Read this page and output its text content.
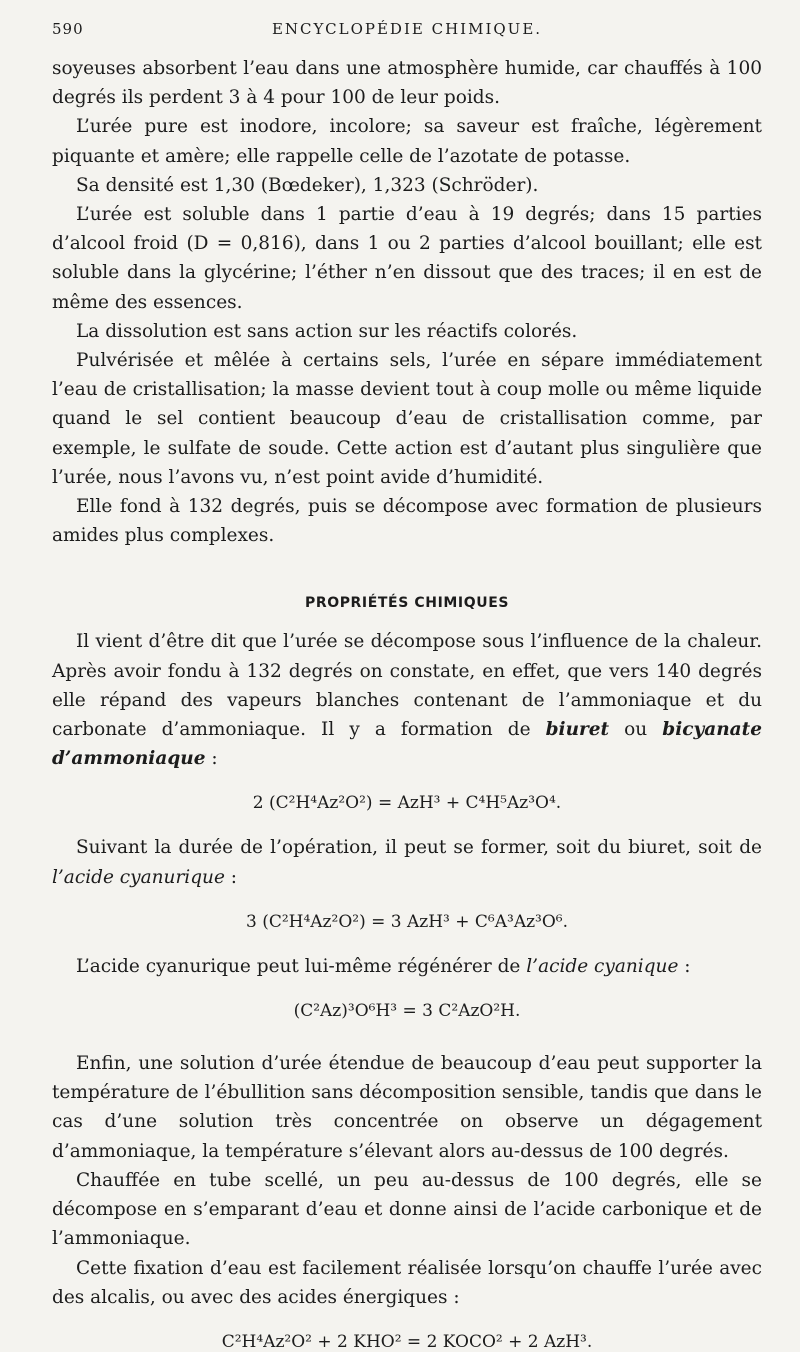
590	ENCYCLOPÉDIE CHIMIQUE.

soyeuses absorbent l’eau dans une atmosphère humide, car chauffés à 100 degrés ils perdent 3 à 4 pour 100 de leur poids.

L’urée pure est inodore, incolore; sa saveur est fraîche, légèrement piquante et amère; elle rappelle celle de l’azotate de potasse.

Sa densité est 1,30 (Bœdeker), 1,323 (Schröder).

L’urée est soluble dans 1 partie d’eau à 19 degrés; dans 15 parties d’alcool froid (D = 0,816), dans 1 ou 2 parties d’alcool bouillant; elle est soluble dans la glycérine; l’éther n’en dissout que des traces; il en est de même des essences.

La dissolution est sans action sur les réactifs colorés.

Pulvérisée et mêlée à certains sels, l’urée en sépare immédiatement l’eau de cristallisation; la masse devient tout à coup molle ou même liquide quand le sel contient beaucoup d’eau de cristallisation comme, par exemple, le sulfate de soude. Cette action est d’autant plus singulière que l’urée, nous l’avons vu, n’est point avide d’humidité.

Elle fond à 132 degrés, puis se décompose avec formation de plusieurs amides plus complexes.

PROPRIÉTÉS CHIMIQUES

Il vient d’être dit que l’urée se décompose sous l’influence de la chaleur. Après avoir fondu à 132 degrés on constate, en effet, que vers 140 degrés elle répand des vapeurs blanches contenant de l’ammoniaque et du carbonate d’ammoniaque. Il y a formation de biuret ou bicyanate d’ammoniaque :

2 (C²H⁴Az²O²) = AzH³ + C⁴H⁵Az³O⁴.

Suivant la durée de l’opération, il peut se former, soit du biuret, soit de l’acide cyanurique :

3 (C²H⁴Az²O²) = 3 AzH³ + C⁶A³Az³O⁶.

L’acide cyanurique peut lui-même régénérer de l’acide cyanique :

(C²Az)³O⁶H³ = 3 C²AzO²H.

Enfin, une solution d’urée étendue de beaucoup d’eau peut supporter la température de l’ébullition sans décomposition sensible, tandis que dans le cas d’une solution très concentrée on observe un dégagement d’ammoniaque, la température s’élevant alors au-dessus de 100 degrés.

Chauffée en tube scellé, un peu au-dessus de 100 degrés, elle se décompose en s’emparant d’eau et donne ainsi de l’acide carbonique et de l’ammoniaque.

Cette fixation d’eau est facilement réalisée lorsqu’on chauffe l’urée avec des alcalis, ou avec des acides énergiques :

C²H⁴Az²O² + 2 KHO² = 2 KOCO² + 2 AzH³.
